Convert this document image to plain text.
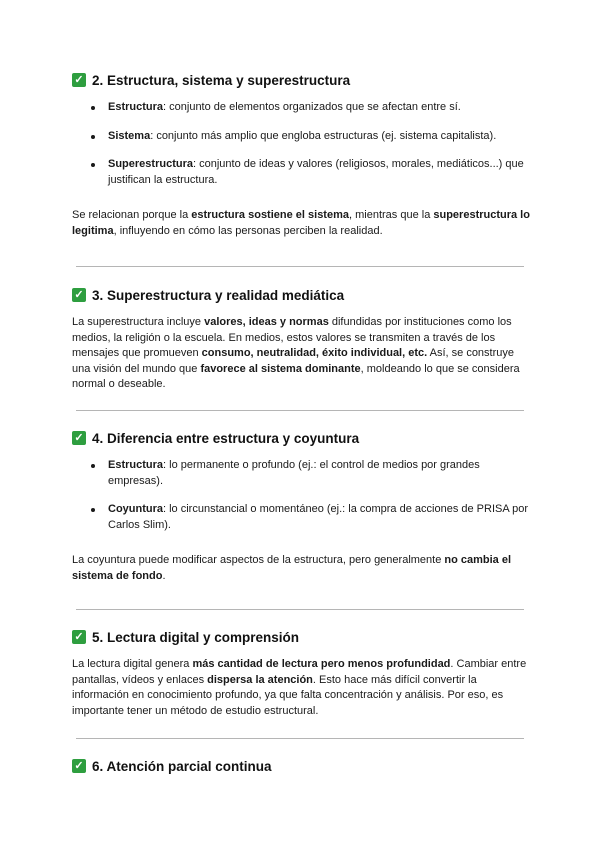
✓ 2. Estructura, sistema y superestructura
Estructura: conjunto de elementos organizados que se afectan entre sí.
Sistema: conjunto más amplio que engloba estructuras (ej. sistema capitalista).
Superestructura: conjunto de ideas y valores (religiosos, morales, mediáticos...) que justifican la estructura.

Se relacionan porque la estructura sostiene el sistema, mientras que la superestructura lo legitima, influyendo en cómo las personas perciben la realidad.

✓ 3. Superestructura y realidad mediática

La superestructura incluye valores, ideas y normas difundidas por instituciones como los medios, la religión o la escuela. En medios, estos valores se transmiten a través de los mensajes que promueven consumo, neutralidad, éxito individual, etc. Así, se construye una visión del mundo que favorece al sistema dominante, moldeando lo que se considera normal o deseable.

✓ 4. Diferencia entre estructura y coyuntura
Estructura: lo permanente o profundo (ej.: el control de medios por grandes empresas).
Coyuntura: lo circunstancial o momentáneo (ej.: la compra de acciones de PRISA por Carlos Slim).

La coyuntura puede modificar aspectos de la estructura, pero generalmente no cambia el sistema de fondo.

✓ 5. Lectura digital y comprensión

La lectura digital genera más cantidad de lectura pero menos profundidad. Cambiar entre pantallas, vídeos y enlaces dispersa la atención. Esto hace más difícil convertir la información en conocimiento profundo, ya que falta concentración y análisis. Por eso, es importante tener un método de estudio estructural.

✓ 6. Atención parcial continua
